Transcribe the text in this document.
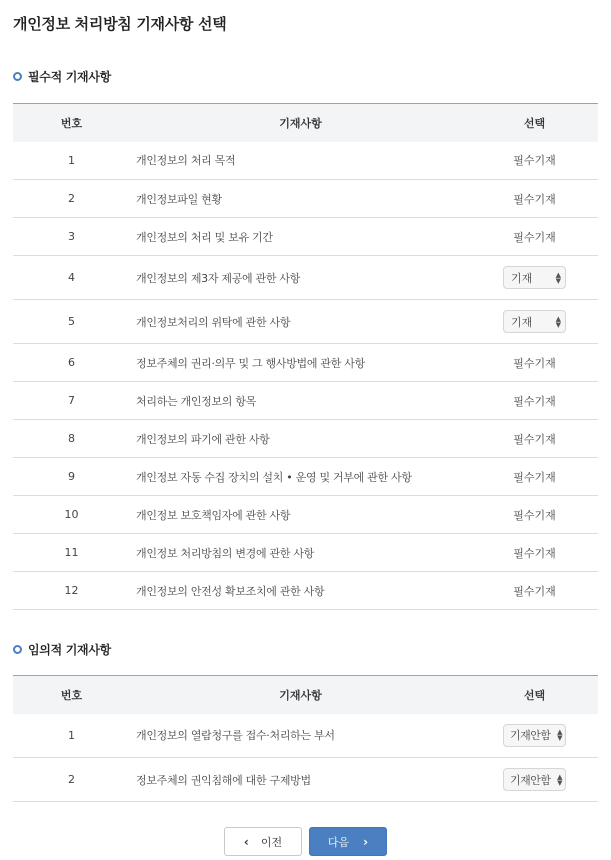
개인정보 처리방침 기재사항 선택
필수적 기재사항
번호	기재사항	선택
1	개인정보의 처리 목적	필수기재
2	개인정보파일 현황	필수기재
3	개인정보의 처리 및 보유 기간	필수기재
4	개인정보의 제3자 제공에 관한 사항	기재 ▲
▼

5	개인정보처리의 위탁에 관한 사항	기재 ▲
▼

6	정보주체의 권리·의무 및 그 행사방법에 관한 사항	필수기재
7	처리하는 개인정보의 항목	필수기재
8	개인정보의 파기에 관한 사항	필수기재
9	개인정보 자동 수집 장치의 설치 • 운영 및 거부에 관한 사항	필수기재
10	개인정보 보호책임자에 관한 사항	필수기재
11	개인정보 처리방침의 변경에 관한 사항	필수기재
12	개인정보의 안전성 확보조치에 관한 사항	필수기재
임의적 기재사항
번호	기재사항	선택
1	개인정보의 열람청구를 접수·처리하는 부서	기재안함 ▲
▼

2	정보주체의 권익침해에 대한 구제방법	기재안함 ▲
▼
‹ 이전	다음 ›
